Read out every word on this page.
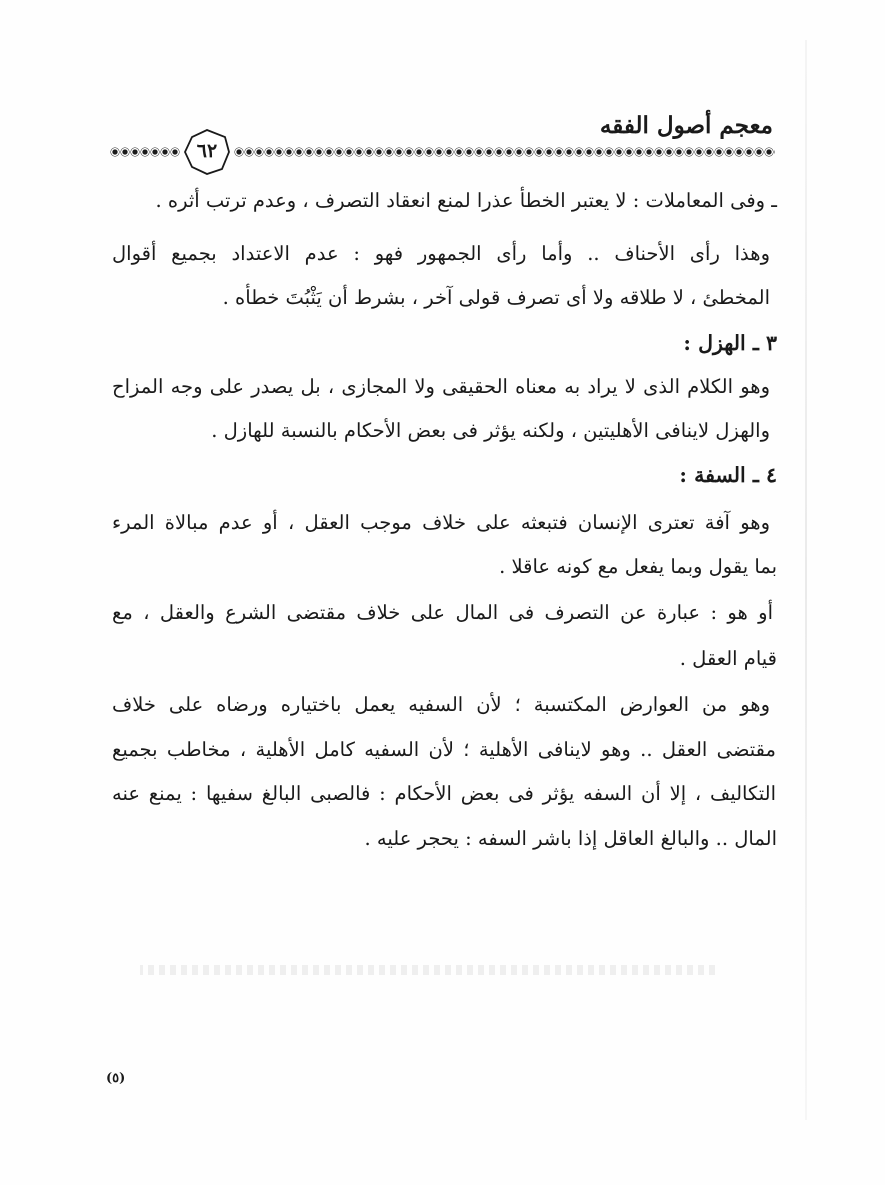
معجم أصول الفقه
٦٢
ـ وفى المعاملات : لا يعتبر الخطأ عذرا لمنع انعقاد التصرف ، وعدم ترتب أثره .
وهذا رأى الأحناف .. وأما رأى الجمهور فهو : عدم الاعتداد بجميع أقوال
المخطئ ، لا طلاقه ولا أى تصرف قولى آخر ، بشرط أن يَثْبُتَ خطأه .
٣ ـ الهزل :
وهو الكلام الذى لا يراد به معناه الحقيقى ولا المجازى ، بل يصدر على وجه المزاح
والهزل لاينافى الأهليتين ، ولكنه يؤثر فى بعض الأحكام بالنسبة للهازل .
٤ ـ السفة :
وهو آفة تعترى الإنسان فتبعثه على خلاف موجب العقل ، أو عدم مبالاة المرء
بما يقول وبما يفعل مع كونه عاقلا .
أو هو : عبارة عن التصرف فى المال على خلاف مقتضى الشرع والعقل ، مع
قيام العقل .
وهو من العوارض المكتسبة ؛ لأن السفيه يعمل باختياره ورضاه على خلاف
مقتضى العقل .. وهو لاينافى الأهلية ؛ لأن السفيه كامل الأهلية ، مخاطب بجميع
التكاليف ، إلا أن السفه يؤثر فى بعض الأحكام : فالصبى البالغ سفيها : يمنع عنه
المال .. والبالغ العاقل إذا باشر السفه : يحجر عليه .
(٥)
